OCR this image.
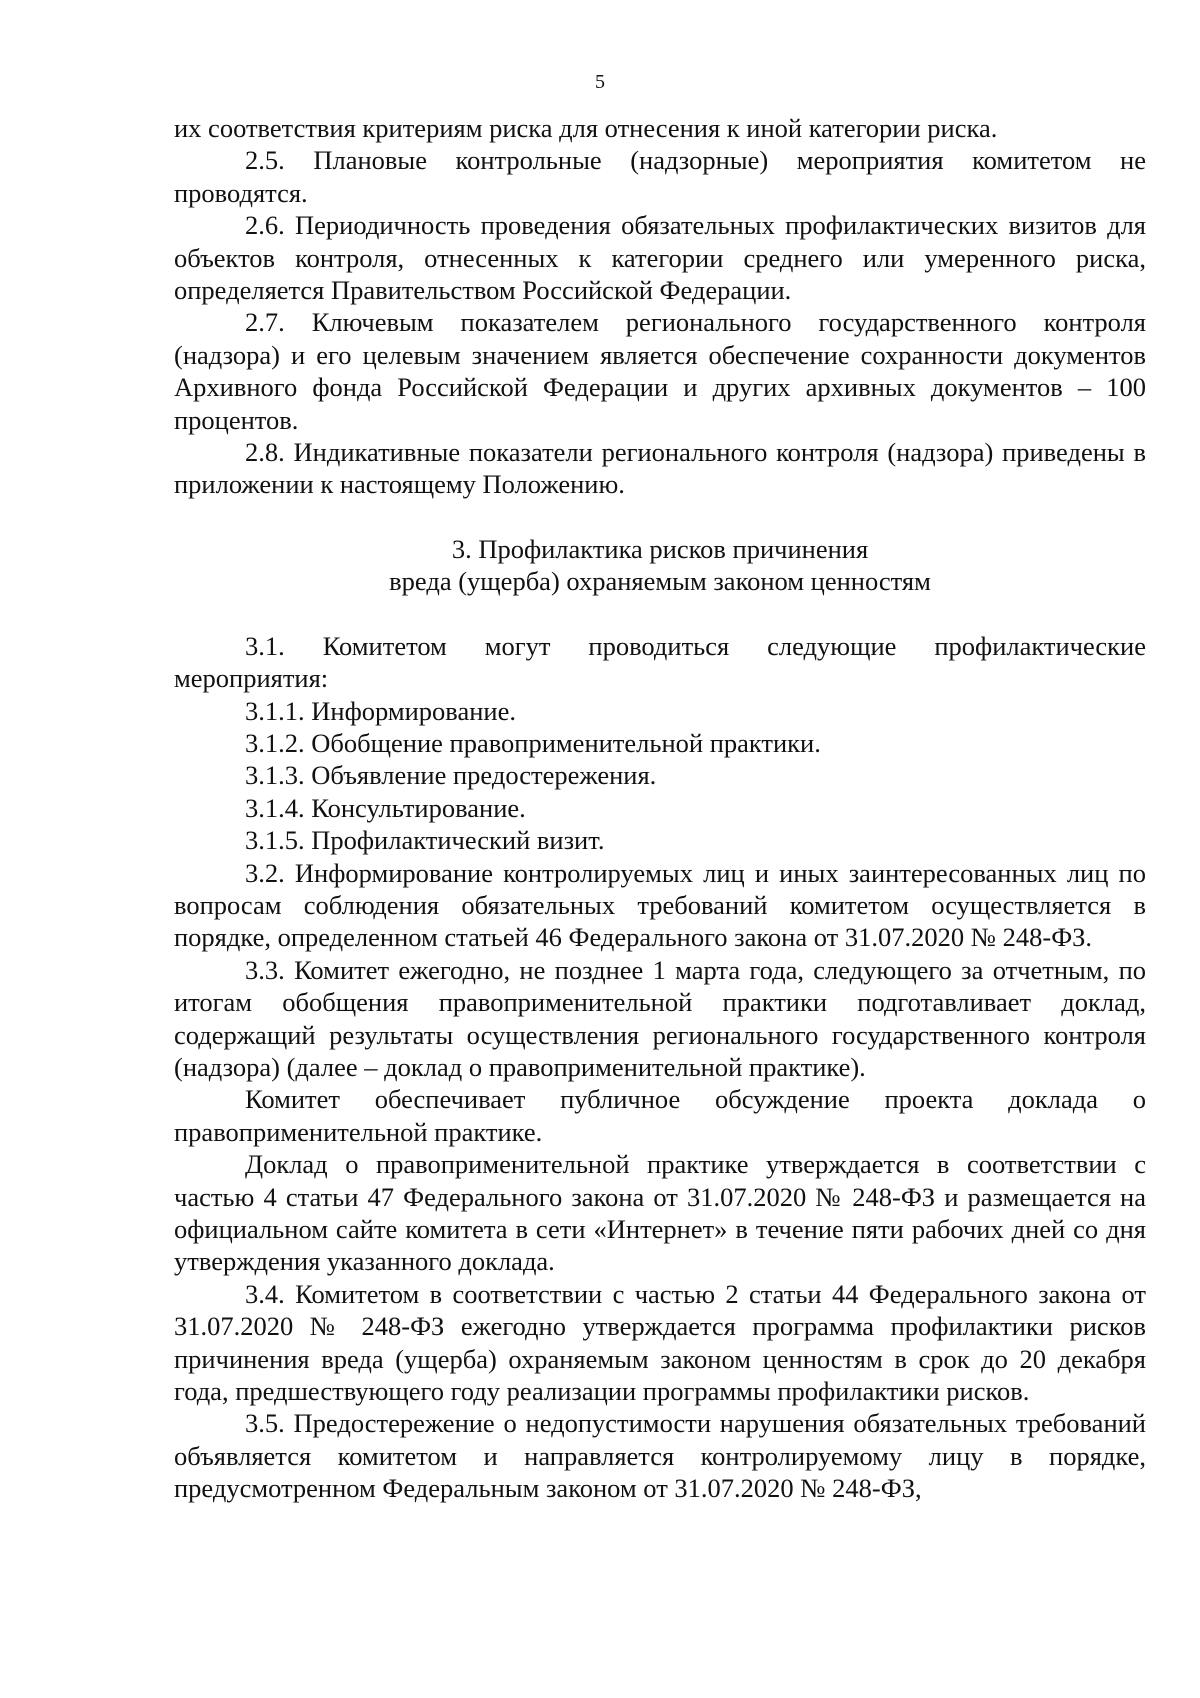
5

их соответствия критериям риска для отнесения к иной категории риска.

2.5. Плановые контрольные (надзорные) мероприятия комитетом не проводятся.

2.6. Периодичность проведения обязательных профилактических визитов для объектов контроля, отнесенных к категории среднего или умеренного риска, определяется Правительством Российской Федерации.

2.7. Ключевым показателем регионального государственного контроля (надзора) и его целевым значением является обеспечение сохранности документов Архивного фонда Российской Федерации и других архивных документов – 100 процентов.

2.8. Индикативные показатели регионального контроля (надзора) приведены в приложении к настоящему Положению.

3. Профилактика рисков причинения

вреда (ущерба) охраняемым законом ценностям

3.1. Комитетом могут проводиться следующие профилактические мероприятия:

3.1.1. Информирование.

3.1.2. Обобщение правоприменительной практики.

3.1.3. Объявление предостережения.

3.1.4. Консультирование.

3.1.5. Профилактический визит.

3.2. Информирование контролируемых лиц и иных заинтересованных лиц по вопросам соблюдения обязательных требований комитетом осуществляется в порядке, определенном статьей 46 Федерального закона от 31.07.2020 № 248-ФЗ.

3.3. Комитет ежегодно, не позднее 1 марта года, следующего за отчетным, по итогам обобщения правоприменительной практики подготавливает доклад, содержащий результаты осуществления регионального государственного контроля (надзора) (далее – доклад о правоприменительной практике).

Комитет обеспечивает публичное обсуждение проекта доклада о правоприменительной практике.

Доклад о правоприменительной практике утверждается в соответствии с частью 4 статьи 47 Федерального закона от 31.07.2020 № 248-ФЗ и размещается на официальном сайте комитета в сети «Интернет» в течение пяти рабочих дней со дня утверждения указанного доклада.

3.4. Комитетом в соответствии с частью 2 статьи 44 Федерального закона от 31.07.2020 № 248-ФЗ ежегодно утверждается программа профилактики рисков причинения вреда (ущерба) охраняемым законом ценностям в срок до 20 декабря года, предшествующего году реализации программы профилактики рисков.

3.5. Предостережение о недопустимости нарушения обязательных требований объявляется комитетом и направляется контролируемому лицу в порядке, предусмотренном Федеральным законом от 31.07.2020 № 248-ФЗ,
